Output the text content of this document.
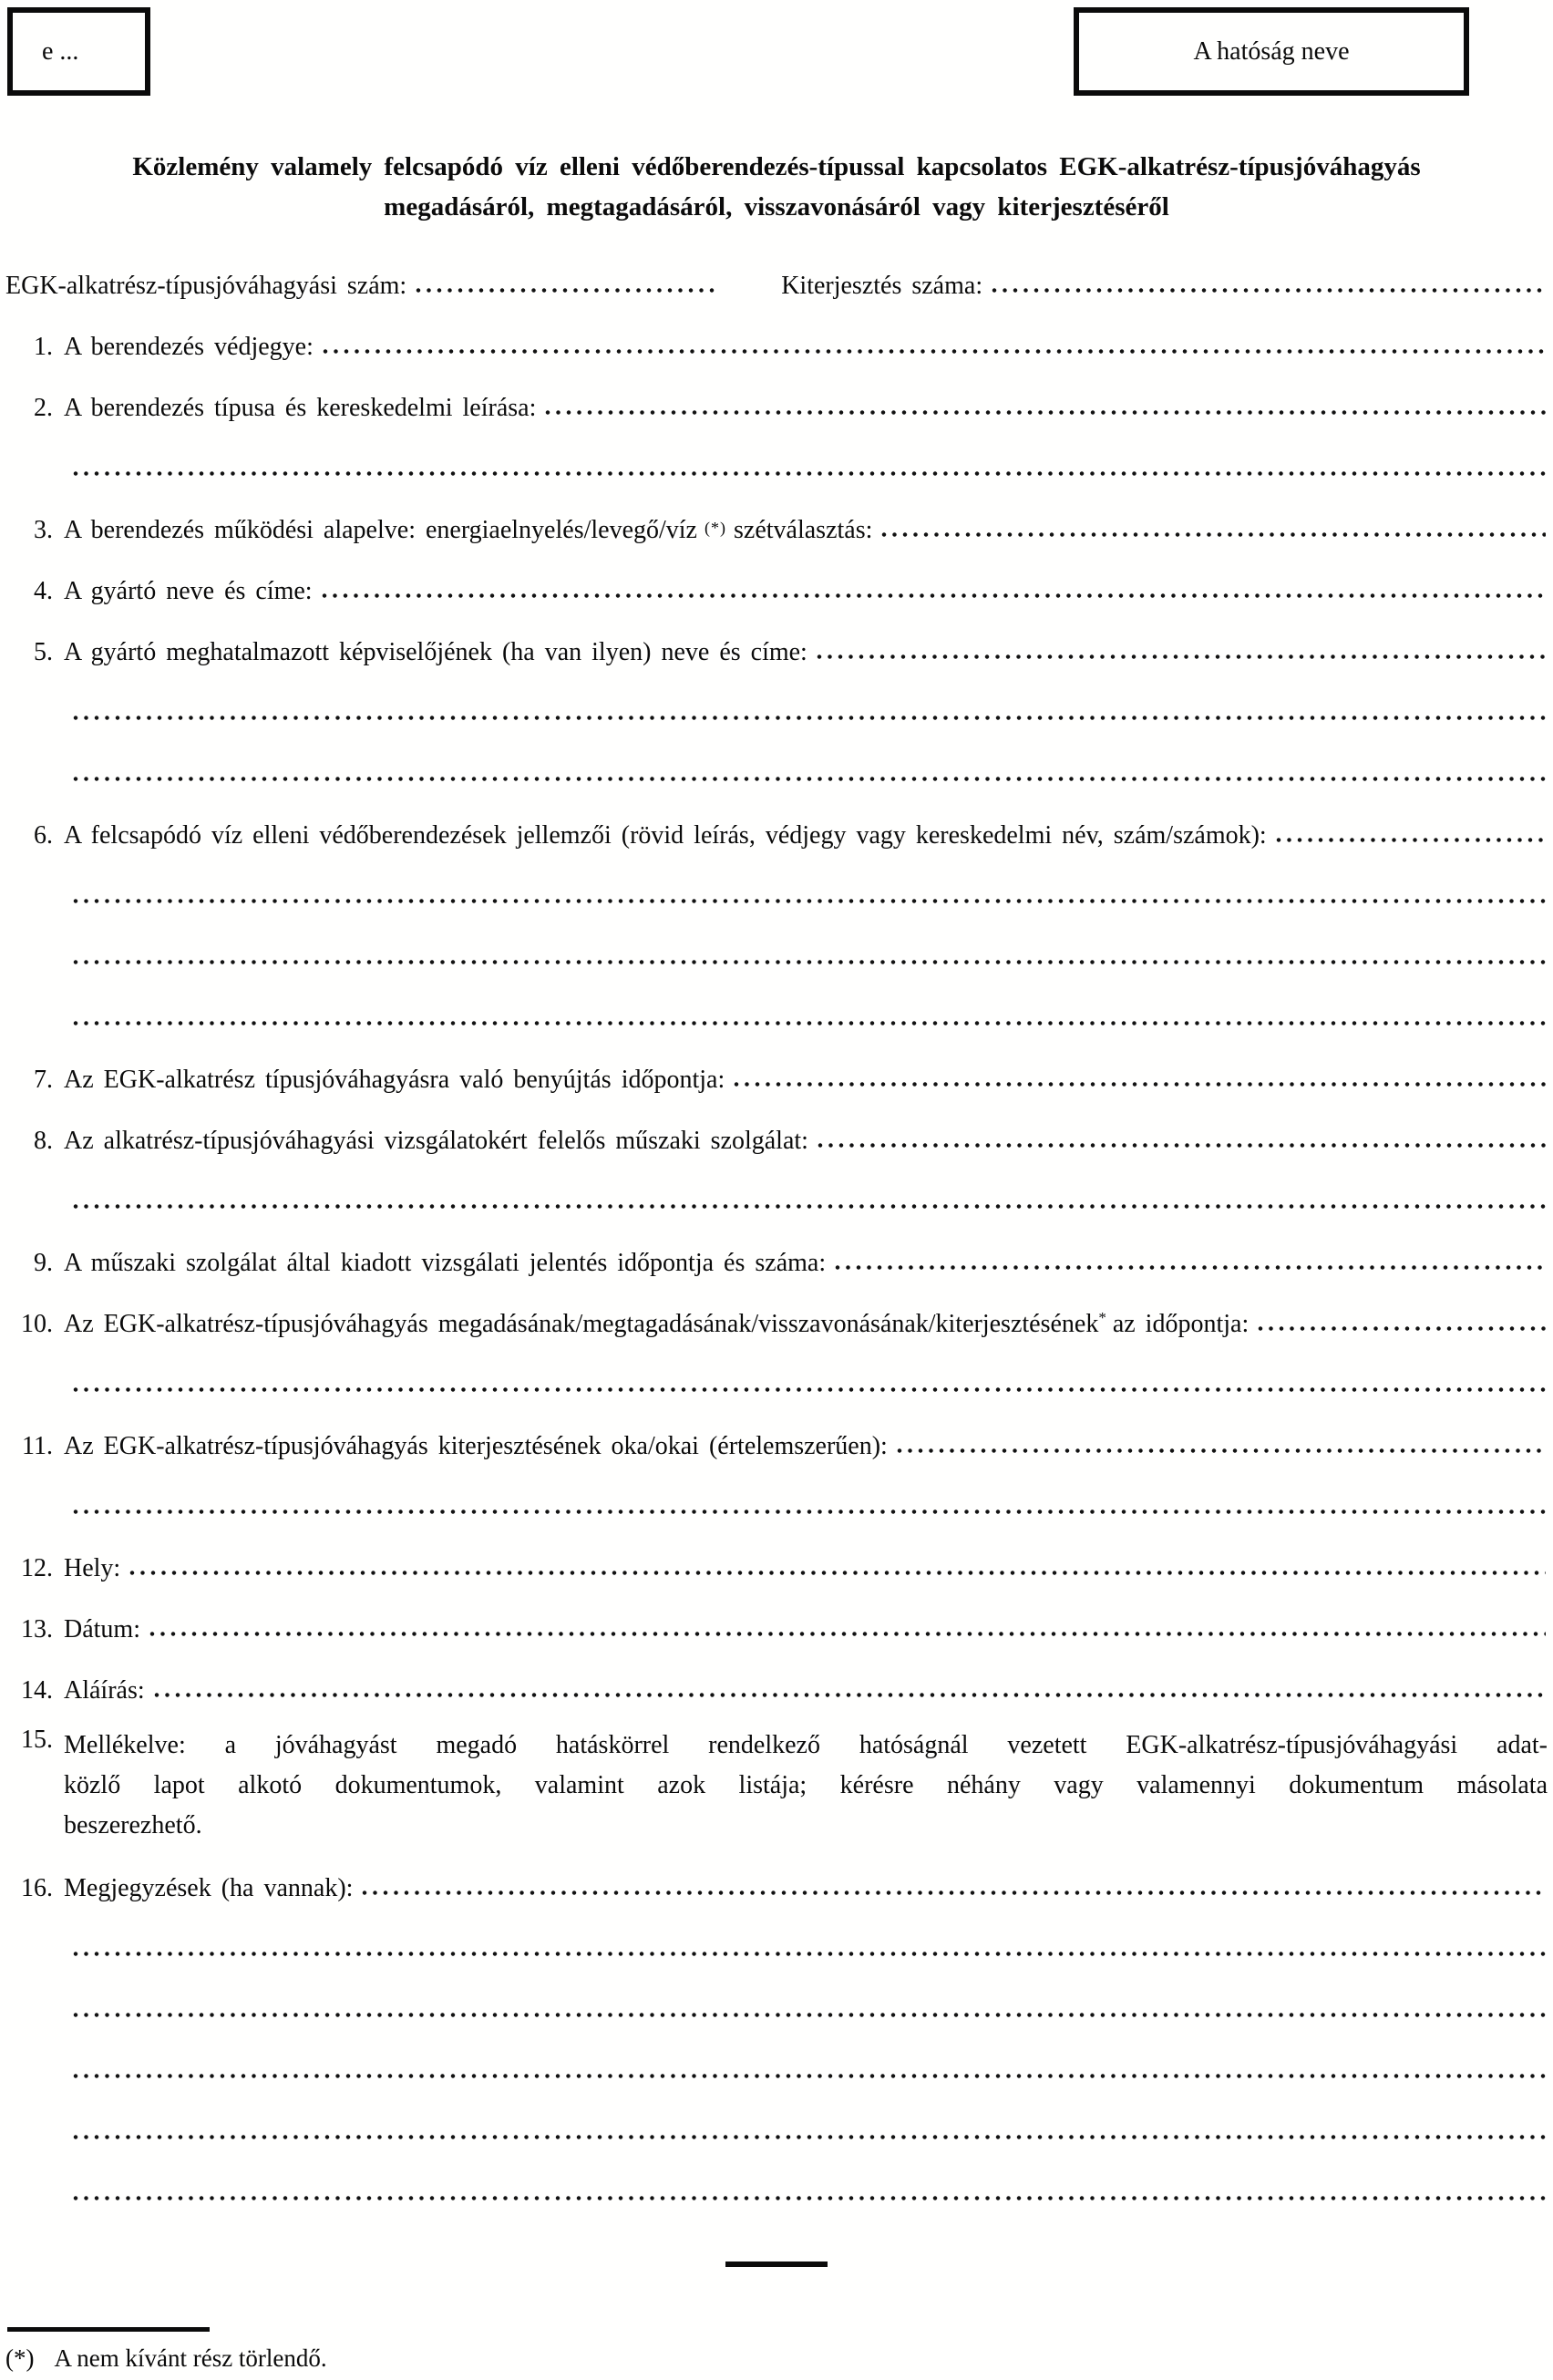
e ...	A hatóság neve
Közlemény valamely felcsapódó víz elleni védőberendezés-típussal kapcsolatos EGK-alkatrész-típusjóváhagyás
megadásáról, megtagadásáról, visszavonásáról vagy kiterjesztéséről
EGK-alkatrész-típusjóváhagyási szám:	Kiterjesztés száma:
1. A berendezés védjegye:
2. A berendezés típusa és kereskedelmi leírása:
3. A berendezés működési alapelve: energiaelnyelés/levegő/víz (*) szétválasztás:
4. A gyártó neve és címe:
5. A gyártó meghatalmazott képviselőjének (ha van ilyen) neve és címe:
6. A felcsapódó víz elleni védőberendezések jellemzői (rövid leírás, védjegy vagy kereskedelmi név, szám/számok):
7. Az EGK-alkatrész típusjóváhagyásra való benyújtás időpontja:
8. Az alkatrész-típusjóváhagyási vizsgálatokért felelős műszaki szolgálat:
9. A műszaki szolgálat által kiadott vizsgálati jelentés időpontja és száma:
10. Az EGK-alkatrész-típusjóváhagyás megadásának/megtagadásának/visszavonásának/kiterjesztésének* az időpontja:
11. Az EGK-alkatrész-típusjóváhagyás kiterjesztésének oka/okai (értelemszerűen):
12. Hely:
13. Dátum:
14. Aláírás:
15. Mellékelve: a jóváhagyást megadó hatáskörrel rendelkező hatóságnál vezetett EGK-alkatrész-típusjóváhagyási adat-
közlő lapot alkotó dokumentumok, valamint azok listája; kérésre néhány vagy valamennyi dokumentum másolata
beszerezhető.
16. Megjegyzések (ha vannak):
(*) A nem kívánt rész törlendő.
